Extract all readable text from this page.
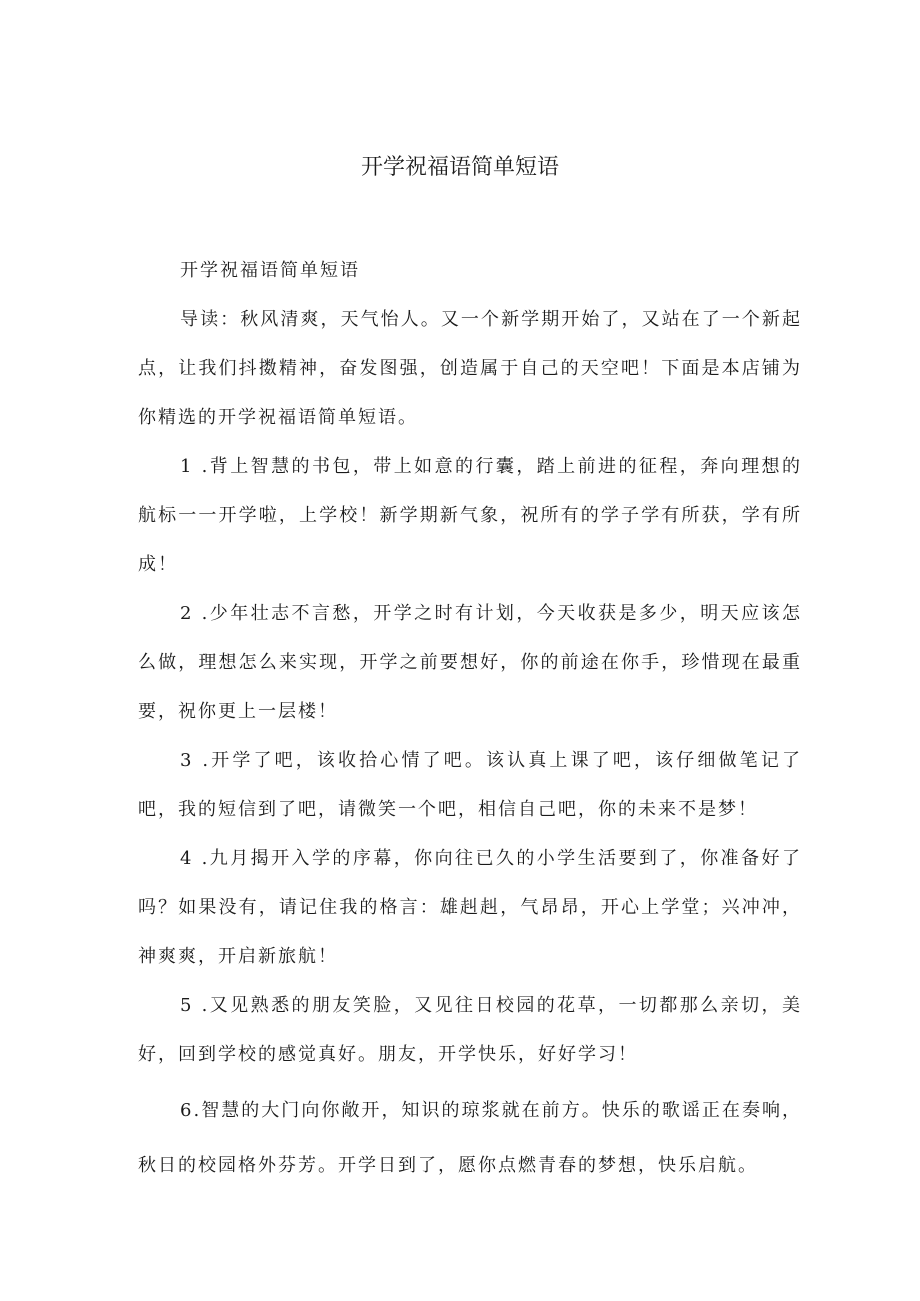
开学祝福语简单短语

开学祝福语简单短语

导读：秋风清爽，天气怡人。又一个新学期开始了，又站在了一个新起点，让我们抖擞精神，奋发图强，创造属于自己的天空吧！下面是本店铺为你精选的开学祝福语简单短语。

1 .背上智慧的书包，带上如意的行囊，踏上前进的征程，奔向理想的航标一一开学啦，上学校！新学期新气象，祝所有的学子学有所获，学有所成！

2 .少年壮志不言愁，开学之时有计划，今天收获是多少，明天应该怎么做，理想怎么来实现，开学之前要想好，你的前途在你手，珍惜现在最重要，祝你更上一层楼！

3 .开学了吧，该收拾心情了吧。该认真上课了吧，该仔细做笔记了吧，我的短信到了吧，请微笑一个吧，相信自己吧，你的未来不是梦！

4 .九月揭开入学的序幕，你向往已久的小学生活要到了，你准备好了吗？如果没有，请记住我的格言：雄赳赳，气昂昂，开心上学堂；兴冲冲，神爽爽，开启新旅航！

5 .又见熟悉的朋友笑脸，又见往日校园的花草，一切都那么亲切，美好，回到学校的感觉真好。朋友，开学快乐，好好学习！

6.智慧的大门向你敞开，知识的琼浆就在前方。快乐的歌谣正在奏响，秋日的校园格外芬芳。开学日到了，愿你点燃青春的梦想，快乐启航。
